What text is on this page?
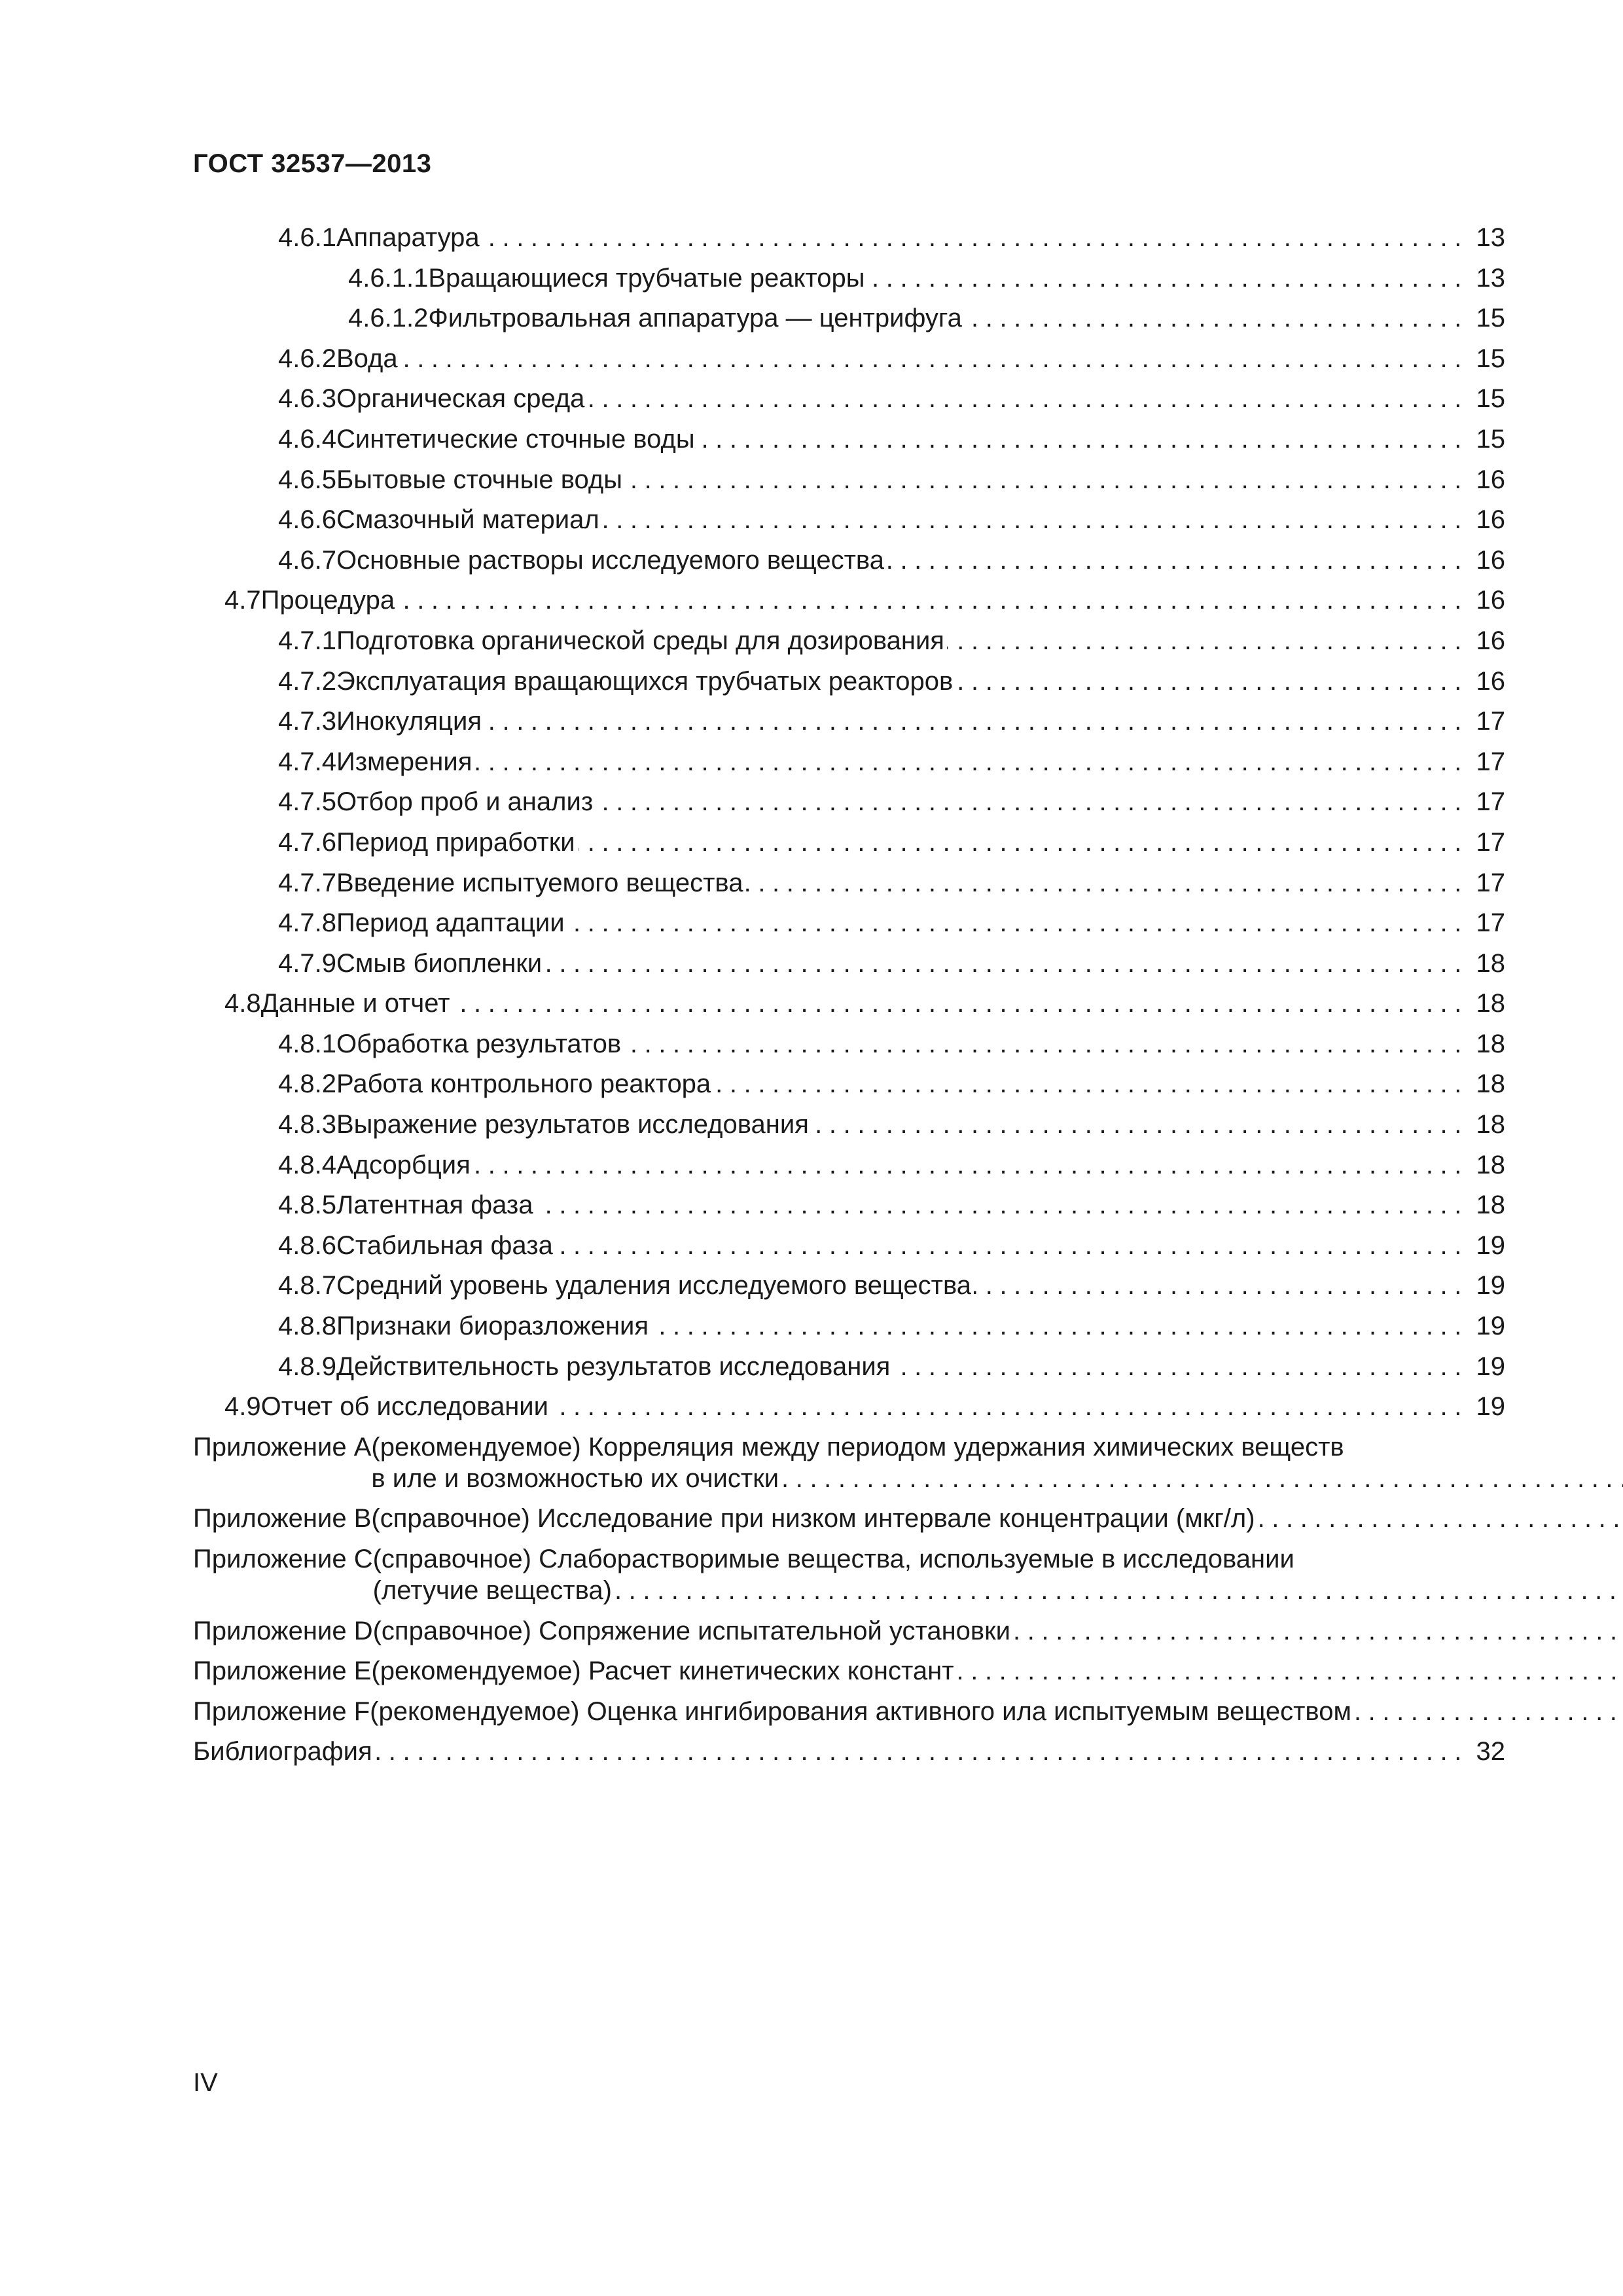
ГОСТ 32537—2013
4.6.1 Аппаратура .....	13
4.6.1.1 Вращающиеся трубчатые реакторы .....	13
4.6.1.2 Фильтровальная аппаратура — центрифуга .....	15
4.6.2 Вода .....	15
4.6.3 Органическая среда .....	15
4.6.4 Синтетические сточные воды .....	15
4.6.5 Бытовые сточные воды .....	16
4.6.6 Смазочный материал .....	16
4.6.7 Основные растворы исследуемого вещества .....	16
4.7 Процедура .....	16
4.7.1 Подготовка органической среды для дозирования .....	16
4.7.2 Эксплуатация вращающихся трубчатых реакторов .....	16
4.7.3 Инокуляция .....	17
4.7.4 Измерения .....	17
4.7.5 Отбор проб и анализ .....	17
4.7.6 Период приработки .....	17
4.7.7 Введение испытуемого вещества .....	17
4.7.8 Период адаптации .....	17
4.7.9 Смыв биопленки .....	18
4.8 Данные и отчет .....	18
4.8.1 Обработка результатов .....	18
4.8.2 Работа контрольного реактора .....	18
4.8.3 Выражение результатов исследования .....	18
4.8.4 Адсорбция .....	18
4.8.5 Латентная фаза .....	18
4.8.6 Стабильная фаза .....	19
4.8.7 Средний уровень удаления исследуемого вещества .....	19
4.8.8 Признаки биоразложения .....	19
4.8.9 Действительность результатов исследования .....	19
4.9 Отчет об исследовании .....	19
Приложение А (рекомендуемое) Корреляция между периодом удержания химических веществ
в иле и возможностью их очистки
.....
Приложение В (справочное) Исследование при низком интервале концентрации (мкг/л)
.....
Приложение С (справочное) Слаборастворимые вещества, используемые в исследовании
(летучие вещества)
.....
Приложение D (справочное) Сопряжение испытательной установки
.....
Приложение Е (рекомендуемое) Расчет кинетических констант
.....
Приложение F (рекомендуемое) Оценка ингибирования активного ила испытуемым веществом
.....
Библиография .....	32
IV
